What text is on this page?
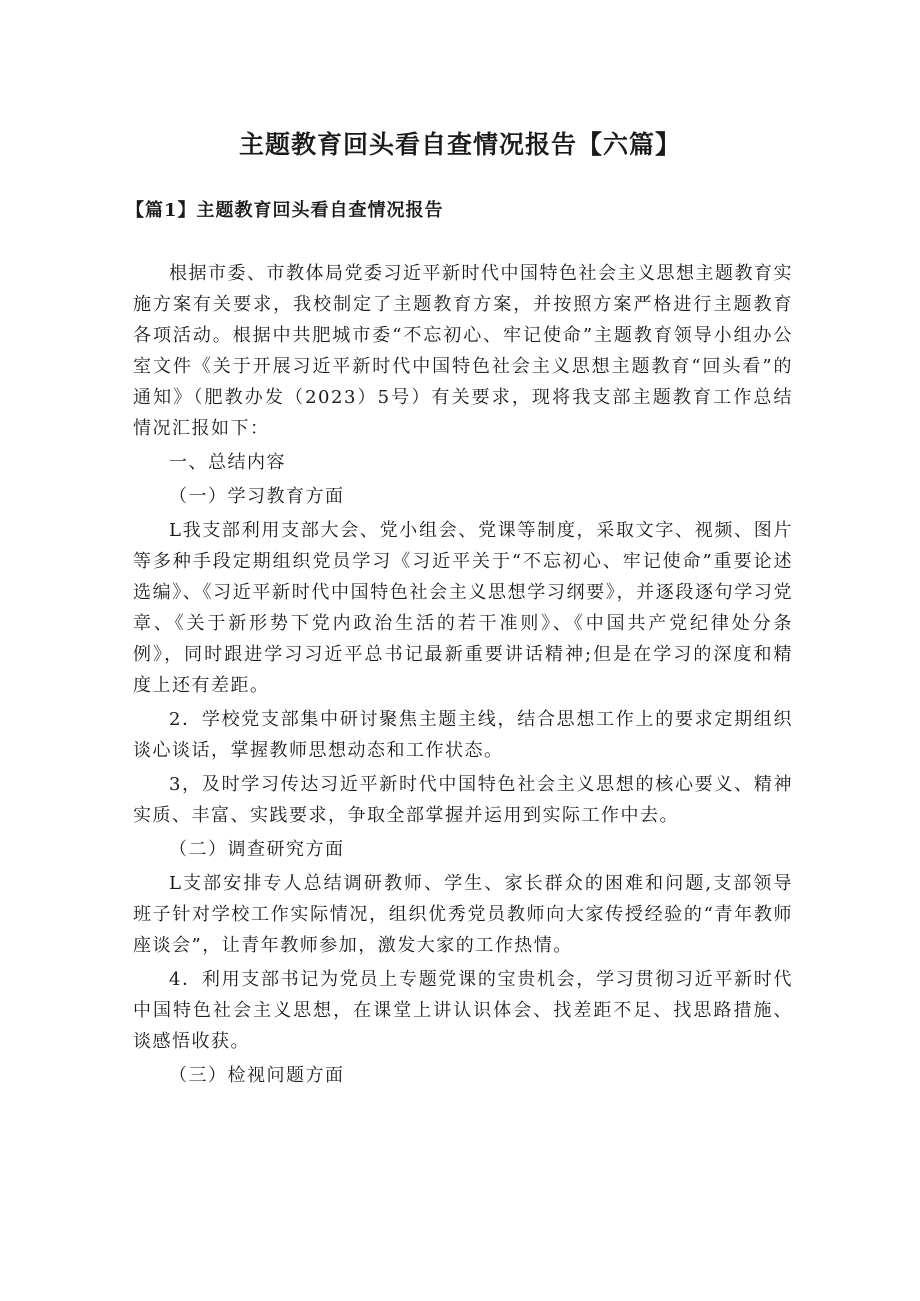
主题教育回头看自查情况报告【六篇】
【篇1】主题教育回头看自查情况报告

根据市委、市教体局党委习近平新时代中国特色社会主义思想主题教育实施方案有关要求，我校制定了主题教育方案，并按照方案严格进行主题教育各项活动。根据中共肥城市委“不忘初心、牢记使命”主题教育领导小组办公室文件《关于开展习近平新时代中国特色社会主义思想主题教育“回头看”的通知》（肥教办发（2023）5号）有关要求，现将我支部主题教育工作总结情况汇报如下：

一、总结内容

（一）学习教育方面

L我支部利用支部大会、党小组会、党课等制度，采取文字、视频、图片等多种手段定期组织党员学习《习近平关于“不忘初心、牢记使命”重要论述选编》、《习近平新时代中国特色社会主义思想学习纲要》，并逐段逐句学习党章、《关于新形势下党内政治生活的若干准则》、《中国共产党纪律处分条例》，同时跟进学习习近平总书记最新重要讲话精神;但是在学习的深度和精度上还有差距。

2．学校党支部集中研讨聚焦主题主线，结合思想工作上的要求定期组织谈心谈话，掌握教师思想动态和工作状态。

3，及时学习传达习近平新时代中国特色社会主义思想的核心要义、精神实质、丰富、实践要求，争取全部掌握并运用到实际工作中去。

（二）调查研究方面

L支部安排专人总结调研教师、学生、家长群众的困难和问题,支部领导班子针对学校工作实际情况，组织优秀党员教师向大家传授经验的“青年教师座谈会”，让青年教师参加，激发大家的工作热情。

4．利用支部书记为党员上专题党课的宝贵机会，学习贯彻习近平新时代中国特色社会主义思想，在课堂上讲认识体会、找差距不足、找思路措施、谈感悟收获。

（三）检视问题方面
